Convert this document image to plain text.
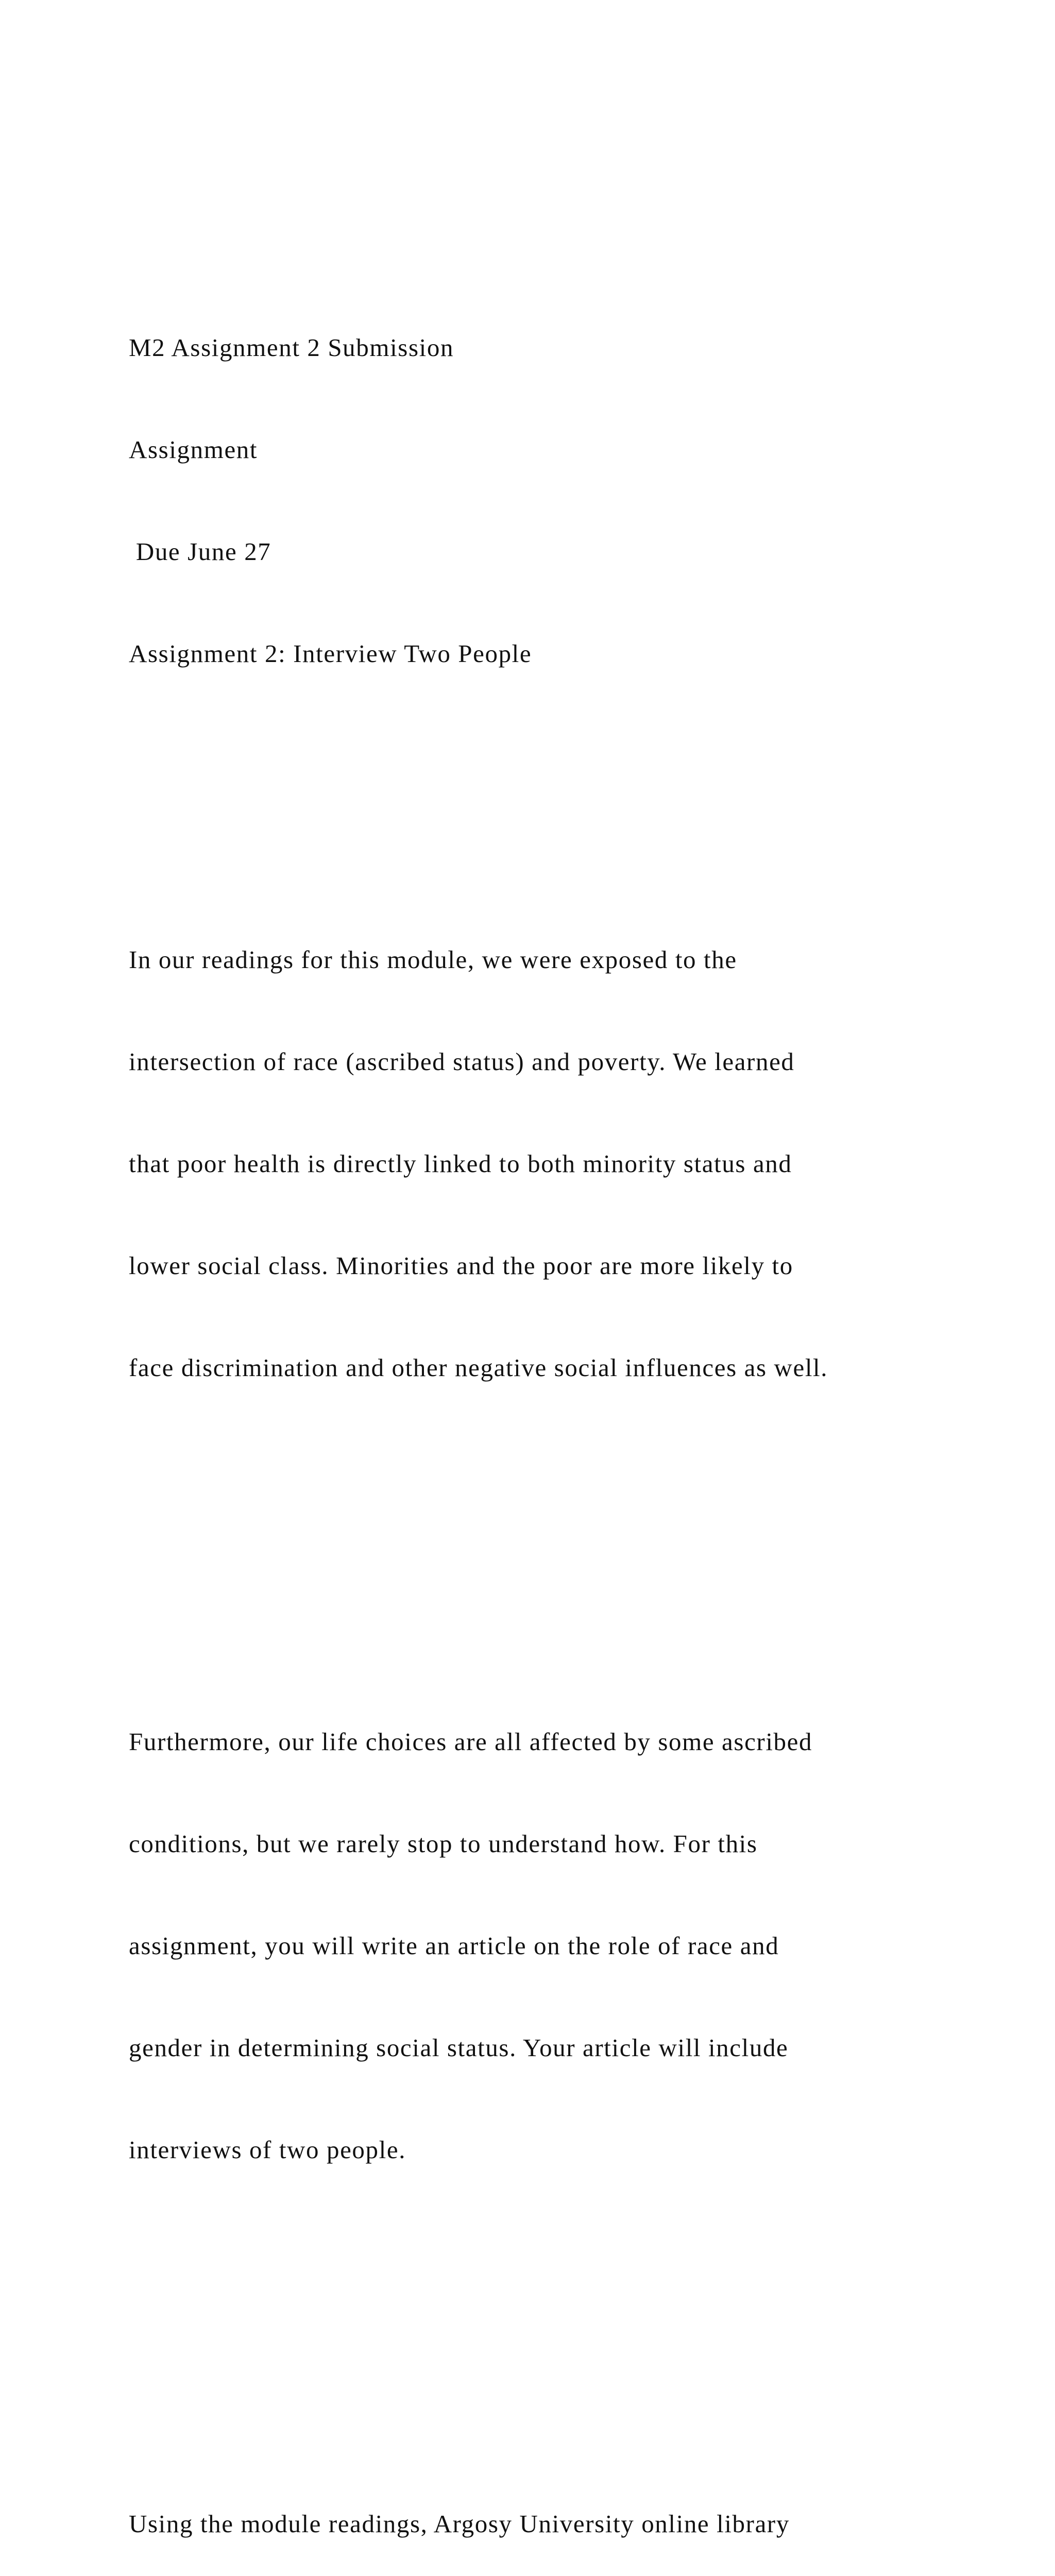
M2 Assignment 2 Submission

Assignment

Due June 27

Assignment 2: Interview Two People

In our readings for this module, we were exposed to the

intersection of race (ascribed status) and poverty. We learned

that poor health is directly linked to both minority status and

lower social class. Minorities and the poor are more likely to

face discrimination and other negative social influences as well.

Furthermore, our life choices are all affected by some ascribed

conditions, but we rarely stop to understand how. For this

assignment, you will write an article on the role of race and

gender in determining social status. Your article will include

interviews of two people.

Using the module readings, Argosy University online library
